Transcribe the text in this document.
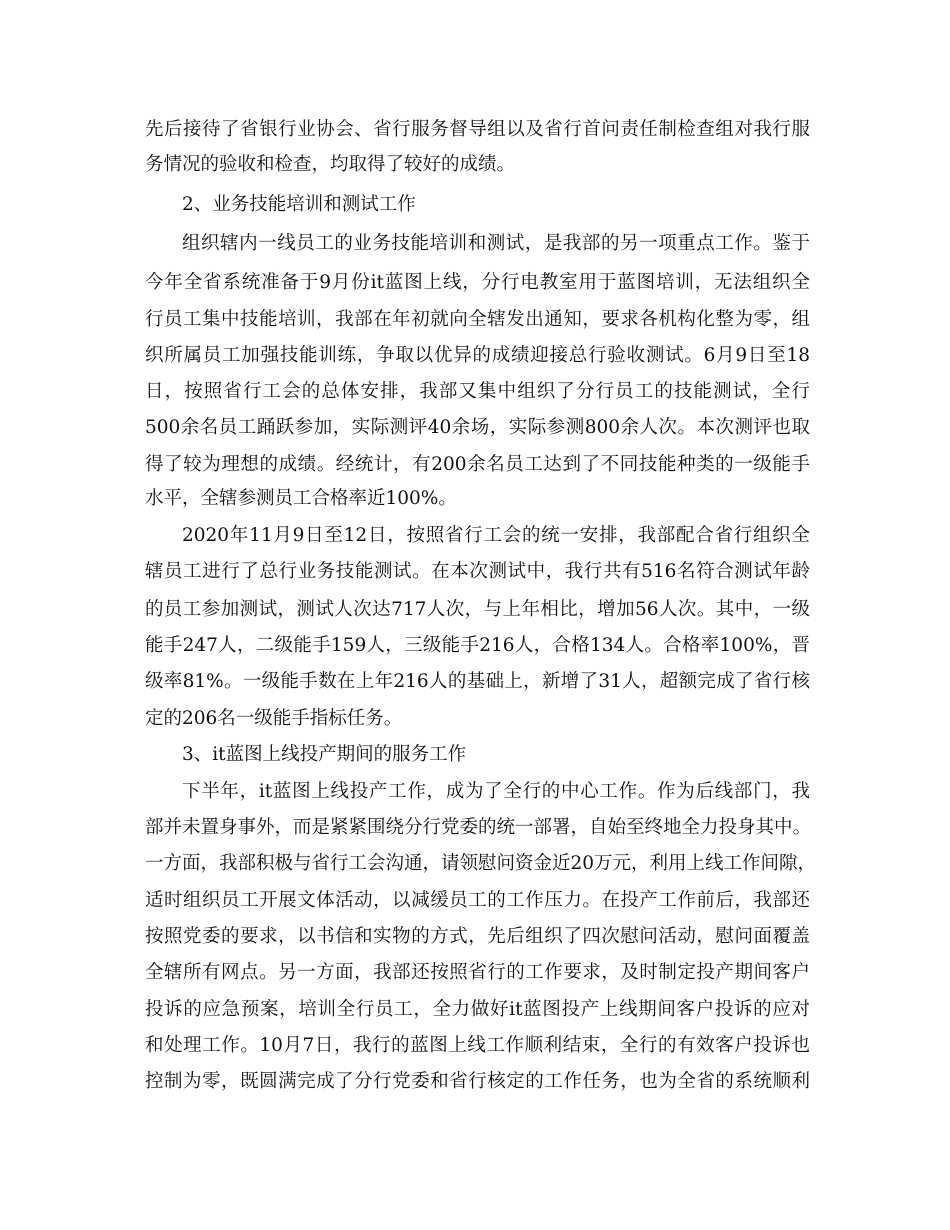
先后接待了省银行业协会、省行服务督导组以及省行首问责任制检查组对我行服
务情况的验收和检查，均取得了较好的成绩。
2、业务技能培训和测试工作
组织辖内一线员工的业务技能培训和测试，是我部的另一项重点工作。鉴于
今年全省系统准备于9月份it蓝图上线，分行电教室用于蓝图培训，无法组织全
行员工集中技能培训，我部在年初就向全辖发出通知，要求各机构化整为零，组
织所属员工加强技能训练，争取以优异的成绩迎接总行验收测试。6月9日至18
日，按照省行工会的总体安排，我部又集中组织了分行员工的技能测试，全行
500余名员工踊跃参加，实际测评40余场，实际参测800余人次。本次测评也取
得了较为理想的成绩。经统计，有200余名员工达到了不同技能种类的一级能手
水平，全辖参测员工合格率近100%。
2020年11月9日至12日，按照省行工会的统一安排，我部配合省行组织全
辖员工进行了总行业务技能测试。在本次测试中，我行共有516名符合测试年龄
的员工参加测试，测试人次达717人次，与上年相比，增加56人次。其中，一级
能手247人，二级能手159人，三级能手216人，合格134人。合格率100%，晋
级率81%。一级能手数在上年216人的基础上，新增了31人，超额完成了省行核
定的206名一级能手指标任务。
3、it蓝图上线投产期间的服务工作
下半年，it蓝图上线投产工作，成为了全行的中心工作。作为后线部门，我
部并未置身事外，而是紧紧围绕分行党委的统一部署，自始至终地全力投身其中。
一方面，我部积极与省行工会沟通，请领慰问资金近20万元，利用上线工作间隙，
适时组织员工开展文体活动，以减缓员工的工作压力。在投产工作前后，我部还
按照党委的要求，以书信和实物的方式，先后组织了四次慰问活动，慰问面覆盖
全辖所有网点。另一方面，我部还按照省行的工作要求，及时制定投产期间客户
投诉的应急预案，培训全行员工，全力做好it蓝图投产上线期间客户投诉的应对
和处理工作。10月7日，我行的蓝图上线工作顺利结束，全行的有效客户投诉也
控制为零，既圆满完成了分行党委和省行核定的工作任务，也为全省的系统顺利
